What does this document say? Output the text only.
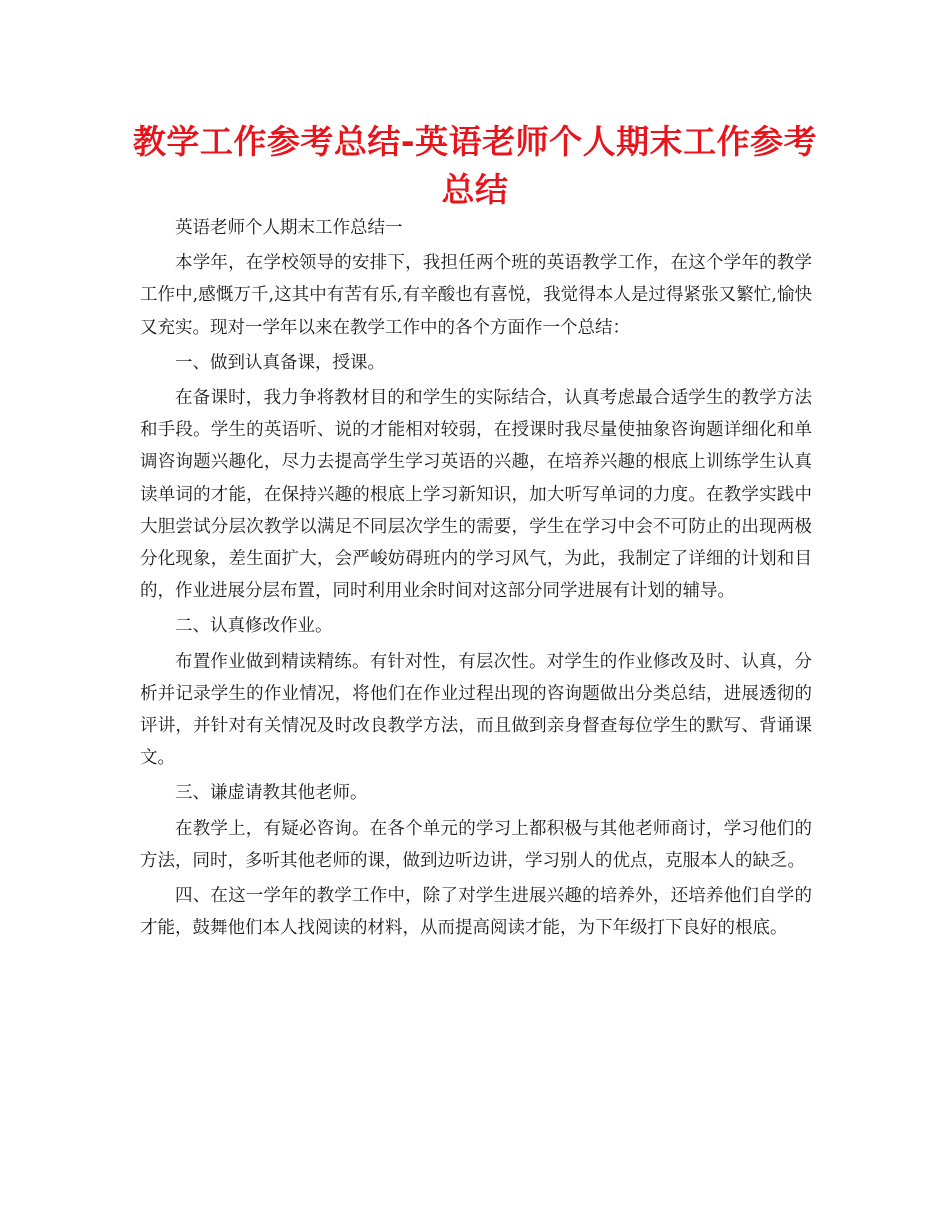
教学工作参考总结-英语老师个人期末工作参考总结

英语老师个人期末工作总结一

本学年，在学校领导的安排下，我担任两个班的英语教学工作，在这个学年的教学工作中,感慨万千,这其中有苦有乐,有辛酸也有喜悦，我觉得本人是过得紧张又繁忙,愉快又充实。现对一学年以来在教学工作中的各个方面作一个总结：

一、做到认真备课，授课。

在备课时，我力争将教材目的和学生的实际结合，认真考虑最合适学生的教学方法和手段。学生的英语听、说的才能相对较弱，在授课时我尽量使抽象咨询题详细化和单调咨询题兴趣化，尽力去提高学生学习英语的兴趣，在培养兴趣的根底上训练学生认真读单词的才能，在保持兴趣的根底上学习新知识，加大听写单词的力度。在教学实践中大胆尝试分层次教学以满足不同层次学生的需要，学生在学习中会不可防止的出现两极分化现象，差生面扩大，会严峻妨碍班内的学习风气，为此，我制定了详细的计划和目的，作业进展分层布置，同时利用业余时间对这部分同学进展有计划的辅导。

二、认真修改作业。

布置作业做到精读精练。有针对性，有层次性。对学生的作业修改及时、认真，分析并记录学生的作业情况，将他们在作业过程出现的咨询题做出分类总结，进展透彻的评讲，并针对有关情况及时改良教学方法，而且做到亲身督查每位学生的默写、背诵课文。

三、谦虚请教其他老师。

在教学上，有疑必咨询。在各个单元的学习上都积极与其他老师商讨，学习他们的方法，同时，多听其他老师的课，做到边听边讲，学习别人的优点，克服本人的缺乏。

四、在这一学年的教学工作中，除了对学生进展兴趣的培养外，还培养他们自学的才能，鼓舞他们本人找阅读的材料，从而提高阅读才能，为下年级打下良好的根底。
